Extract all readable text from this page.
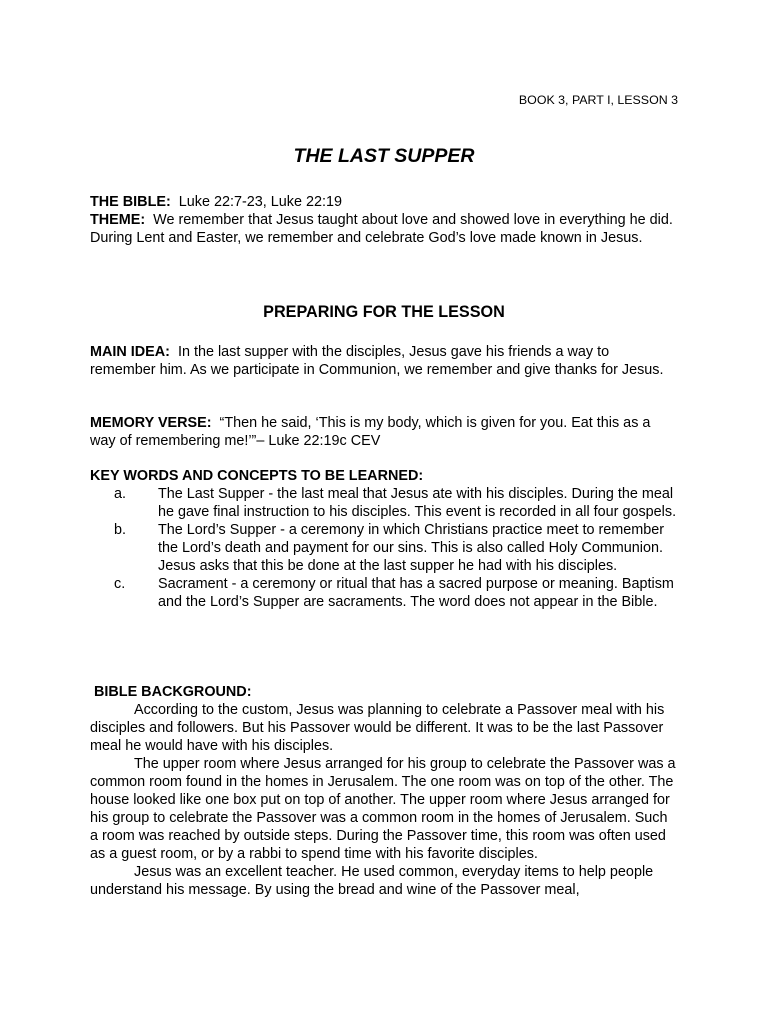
BOOK 3, PART I, LESSON 3
THE LAST SUPPER

THE BIBLE: Luke 22:7-23, Luke 22:19

THEME: We remember that Jesus taught about love and showed love in everything he did. During Lent and Easter, we remember and celebrate God’s love made known in Jesus.

PREPARING FOR THE LESSON

MAIN IDEA: In the last supper with the disciples, Jesus gave his friends a way to remember him. As we participate in Communion, we remember and give thanks for Jesus.

MEMORY VERSE: “Then he said, ‘This is my body, which is given for you. Eat this as a way of remembering me!’”– Luke 22:19c CEV

KEY WORDS AND CONCEPTS TO BE LEARNED:

a.	The Last Supper - the last meal that Jesus ate with his disciples. During the meal he gave final instruction to his disciples. This event is recorded in all four gospels.
b.	The Lord’s Supper - a ceremony in which Christians practice meet to remember the Lord’s death and payment for our sins. This is also called Holy Communion. Jesus asks that this be done at the last supper he had with his disciples.
c.	Sacrament - a ceremony or ritual that has a sacred purpose or meaning. Baptism and the Lord’s Supper are sacraments. The word does not appear in the Bible.

BIBLE BACKGROUND:

According to the custom, Jesus was planning to celebrate a Passover meal with his disciples and followers. But his Passover would be different. It was to be the last Passover meal he would have with his disciples.

The upper room where Jesus arranged for his group to celebrate the Passover was a common room found in the homes in Jerusalem. The one room was on top of the other. The house looked like one box put on top of another. The upper room where Jesus arranged for his group to celebrate the Passover was a common room in the homes of Jerusalem. Such a room was reached by outside steps. During the Passover time, this room was often used as a guest room, or by a rabbi to spend time with his favorite disciples.

Jesus was an excellent teacher. He used common, everyday items to help people understand his message. By using the bread and wine of the Passover meal,
